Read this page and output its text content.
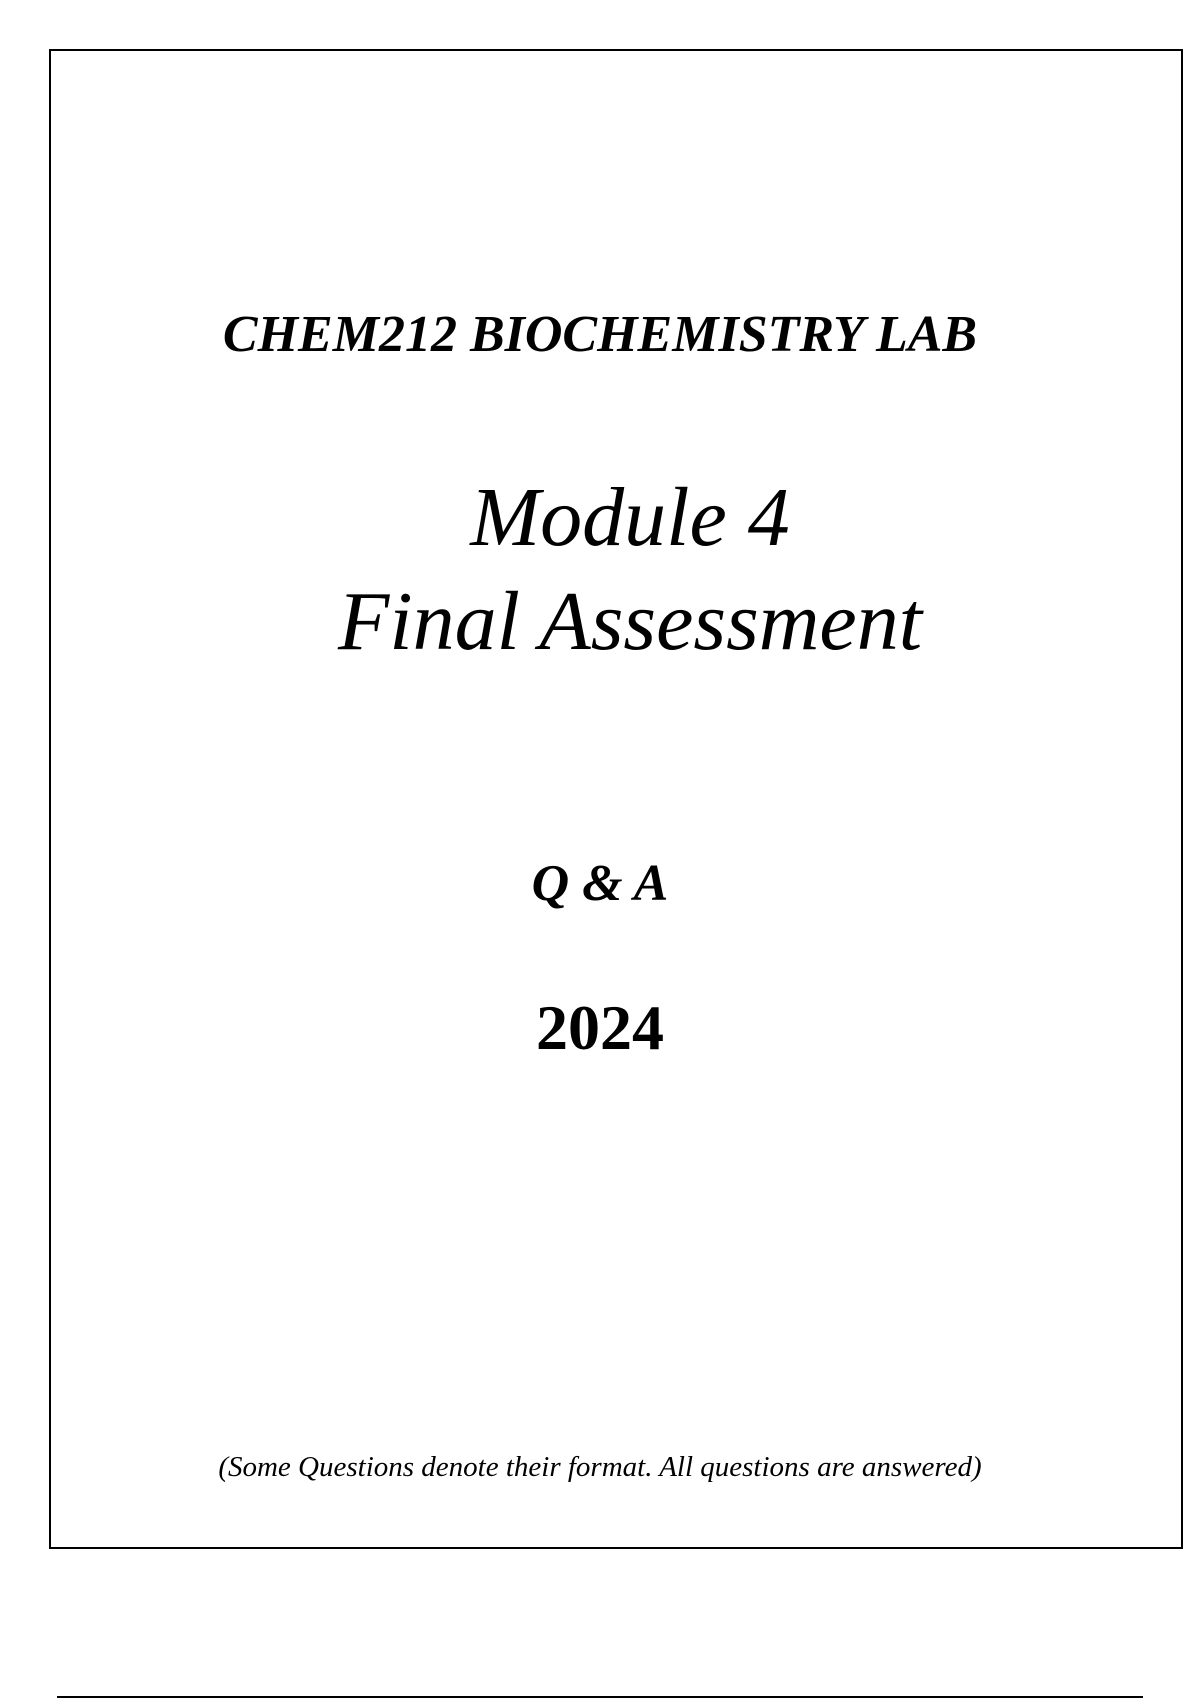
CHEM212 BIOCHEMISTRY LAB
Module 4
Final Assessment
Q & A
2024
(Some Questions denote their format. All questions are answered)
